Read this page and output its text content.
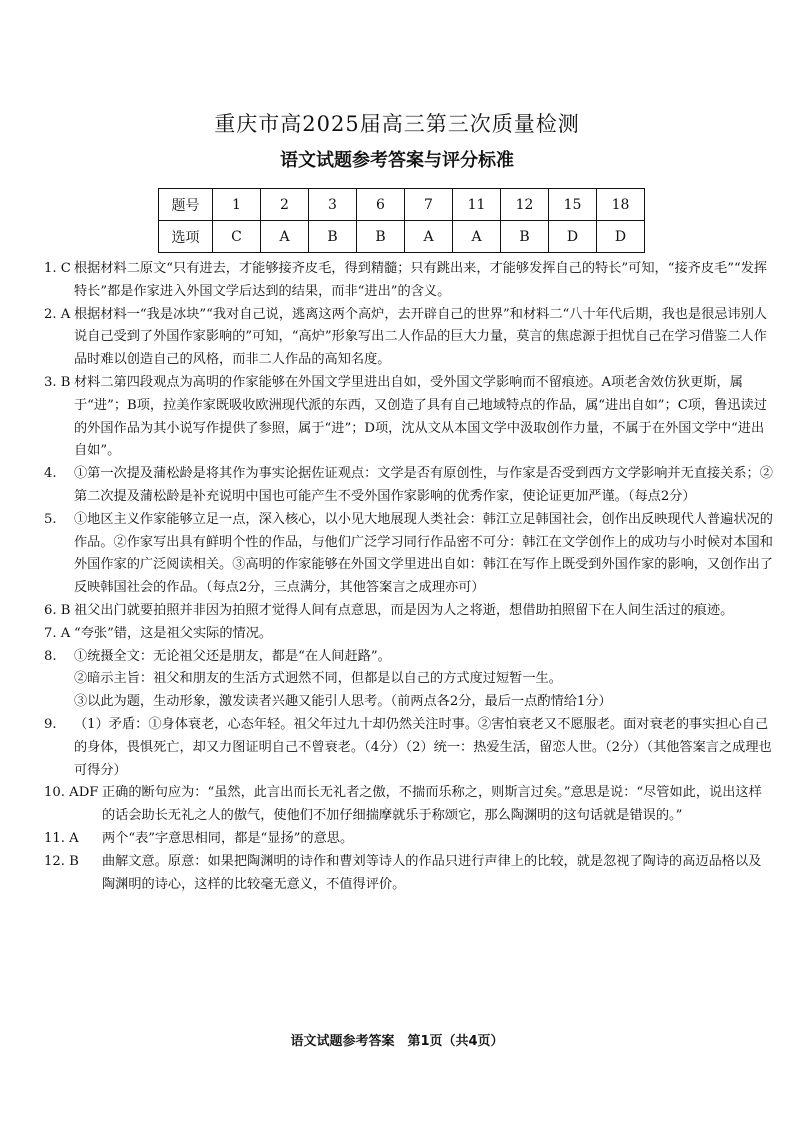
重庆市高2025届高三第三次质量检测
语文试题参考答案与评分标准
题号	1	2	3	6	7	11	12	15	18
选项	C	A	B	B	A	A	B	D	D
1. C 根据材料二原文“只有进去，才能够接齐皮毛，得到精髓；只有跳出来，才能够发挥自己的特长”可知，“接齐皮毛”“发挥特长”都是作家进入外国文学后达到的结果，而非“进出”的含义。
2. A 根据材料一“我是冰块”“我对自己说，逃离这两个高炉，去开辟自己的世界”和材料二“八十年代后期，我也是很忌讳别人说自己受到了外国作家影响的”可知，“高炉”形象写出二人作品的巨大力量，莫言的焦虑源于担忧自己在学习借鉴二人作品时难以创造自己的风格，而非二人作品的高知名度。
3. B 材料二第四段观点为高明的作家能够在外国文学里进出自如，受外国文学影响而不留痕迹。A项老舍效仿狄更斯，属于“进”；B项，拉美作家既吸收欧洲现代派的东西，又创造了具有自己地域特点的作品，属“进出自如”；C项，鲁迅读过的外国作品为其小说写作提供了参照，属于“进”；D项，沈从文从本国文学中汲取创作力量，不属于在外国文学中“进出自如”。
4. ①第一次提及蒲松龄是将其作为事实论据佐证观点：文学是否有原创性，与作家是否受到西方文学影响并无直接关系；②第二次提及蒲松龄是补充说明中国也可能产生不受外国作家影响的优秀作家，使论证更加严谨。（每点2分）
5. ①地区主义作家能够立足一点，深入核心，以小见大地展现人类社会：韩江立足韩国社会，创作出反映现代人普遍状况的作品。②作家写出具有鲜明个性的作品，与他们广泛学习同行作品密不可分：韩江在文学创作上的成功与小时候对本国和外国作家的广泛阅读相关。③高明的作家能够在外国文学里进出自如：韩江在写作上既受到外国作家的影响，又创作出了反映韩国社会的作品。（每点2分，三点满分，其他答案言之成理亦可）
6. B 祖父出门就要拍照并非因为拍照才觉得人间有点意思，而是因为人之将逝，想借助拍照留下在人间生活过的痕迹。
7. A “夸张”错，这是祖父实际的情况。
8. ①统摄全文：无论祖父还是朋友，都是“在人间赶路”。
②暗示主旨：祖父和朋友的生活方式迥然不同，但都是以自己的方式度过短暂一生。
③以此为题，生动形象，激发读者兴趣又能引人思考。（前两点各2分，最后一点酌情给1分）
9. （1）矛盾：①身体衰老，心态年轻。祖父年过九十却仍然关注时事。②害怕衰老又不愿服老。面对衰老的事实担心自己的身体，畏惧死亡，却又力图证明自己不曾衰老。（4分）（2）统一：热爱生活，留恋人世。（2分）（其他答案言之成理也可得分）
10. ADF 正确的断句应为：“虽然，此言出而长无礼者之傲，不揣而乐称之，则斯言过矣。”意思是说：“尽管如此，说出这样的话会助长无礼之人的傲气，使他们不加仔细揣摩就乐于称颂它，那么陶渊明的这句话就是错误的。”
11. A 两个“表”字意思相同，都是“显扬”的意思。
12. B 曲解文意。原意：如果把陶渊明的诗作和曹刘等诗人的作品只进行声律上的比较，就是忽视了陶诗的高迈品格以及陶渊明的诗心，这样的比较毫无意义，不值得评价。
语文试题参考答案　第1页（共4页）
